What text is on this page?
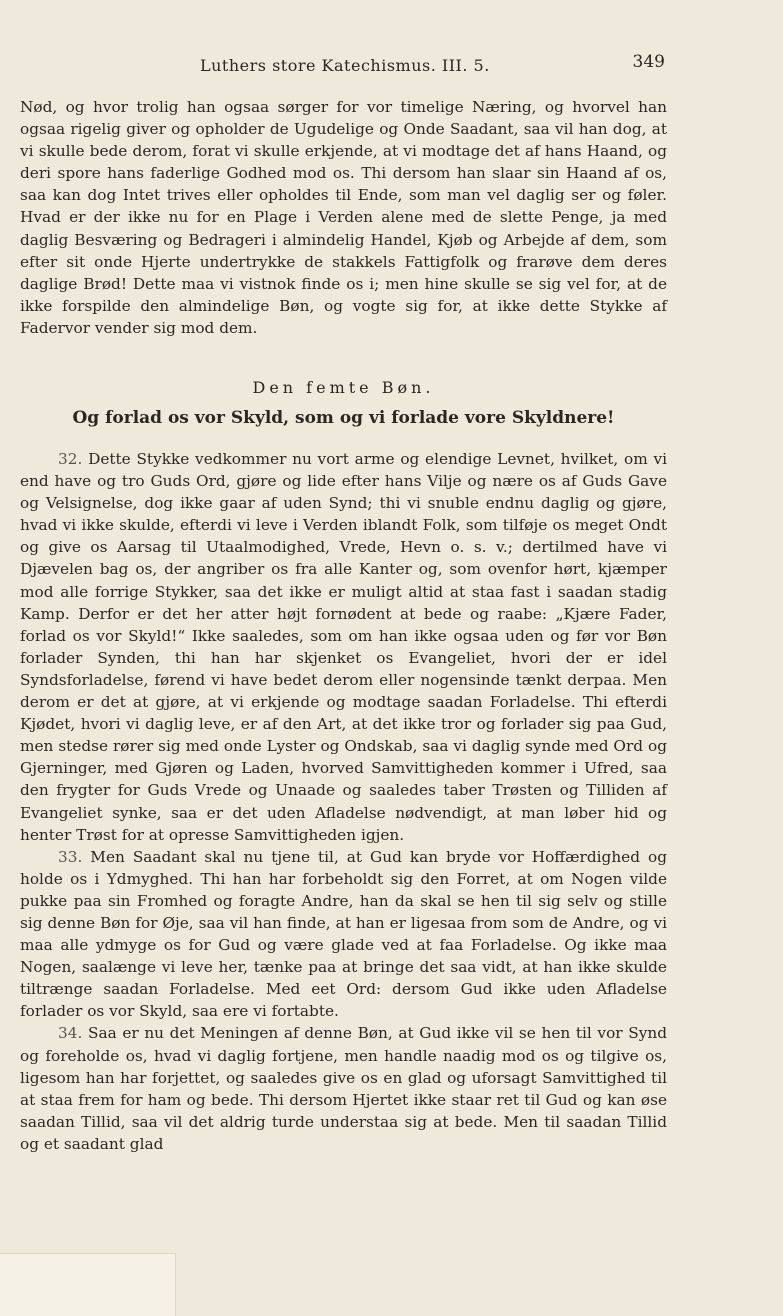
Luthers store Katechismus. III. 5.	349

Nød, og hvor trolig han ogsaa sørger for vor timelige Næring, og hvorvel han ogsaa rigelig giver og opholder de Ugudelige og Onde Saadant, saa vil han dog, at vi skulle bede derom, forat vi skulle erkjende, at vi modtage det af hans Haand, og deri spore hans faderlige Godhed mod os. Thi dersom han slaar sin Haand af os, saa kan dog Intet trives eller opholdes til Ende, som man vel daglig ser og føler. Hvad er der ikke nu for en Plage i Verden alene med de slette Penge, ja med daglig Besværing og Bedrageri i almindelig Handel, Kjøb og Arbejde af dem, som efter sit onde Hjerte undertrykke de stakkels Fattigfolk og frarøve dem deres daglige Brød! Dette maa vi vistnok finde os i; men hine skulle se sig vel for, at de ikke forspilde den almindelige Bøn, og vogte sig for, at ikke dette Stykke af Fadervor vender sig mod dem.

Den femte Bøn.
Og forlad os vor Skyld, som og vi forlade vore Skyldnere!

32. Dette Stykke vedkommer nu vort arme og elendige Levnet, hvilket, om vi end have og tro Guds Ord, gjøre og lide efter hans Vilje og nære os af Guds Gave og Velsignelse, dog ikke gaar af uden Synd; thi vi snuble endnu daglig og gjøre, hvad vi ikke skulde, efterdi vi leve i Verden iblandt Folk, som tilføje os meget Ondt og give os Aarsag til Utaalmodighed, Vrede, Hevn o. s. v.; dertilmed have vi Djævelen bag os, der angriber os fra alle Kanter og, som ovenfor hørt, kjæmper mod alle forrige Stykker, saa det ikke er muligt altid at staa fast i saadan stadig Kamp. Derfor er det her atter højt fornødent at bede og raabe: „Kjære Fader, forlad os vor Skyld!“ Ikke saaledes, som om han ikke ogsaa uden og før vor Bøn forlader Synden, thi han har skjenket os Evangeliet, hvori der er idel Syndsforladelse, førend vi have bedet derom eller nogensinde tænkt derpaa. Men derom er det at gjøre, at vi erkjende og modtage saadan Forladelse. Thi efterdi Kjødet, hvori vi daglig leve, er af den Art, at det ikke tror og forlader sig paa Gud, men stedse rører sig med onde Lyster og Ondskab, saa vi daglig synde med Ord og Gjerninger, med Gjøren og Laden, hvorved Samvittigheden kommer i Ufred, saa den frygter for Guds Vrede og Unaade og saaledes taber Trøsten og Tilliden af Evangeliet synke, saa er det uden Afladelse nødvendigt, at man løber hid og henter Trøst for at opresse Samvittigheden igjen.

33. Men Saadant skal nu tjene til, at Gud kan bryde vor Hoffærdighed og holde os i Ydmyghed. Thi han har forbeholdt sig den Forret, at om Nogen vilde pukke paa sin Fromhed og foragte Andre, han da skal se hen til sig selv og stille sig denne Bøn for Øje, saa vil han finde, at han er ligesaa from som de Andre, og vi maa alle ydmyge os for Gud og være glade ved at faa Forladelse. Og ikke maa Nogen, saalænge vi leve her, tænke paa at bringe det saa vidt, at han ikke skulde tiltrænge saadan Forladelse. Med eet Ord: dersom Gud ikke uden Afladelse forlader os vor Skyld, saa ere vi fortabte.

34. Saa er nu det Meningen af denne Bøn, at Gud ikke vil se hen til vor Synd og foreholde os, hvad vi daglig fortjene, men handle naadig mod os og tilgive os, ligesom han har forjettet, og saaledes give os en glad og uforsagt Samvittighed til at staa frem for ham og bede. Thi dersom Hjertet ikke staar ret til Gud og kan øse saadan Tillid, saa vil det aldrig turde understaa sig at bede. Men til saadan Tillid og et saadant glad
